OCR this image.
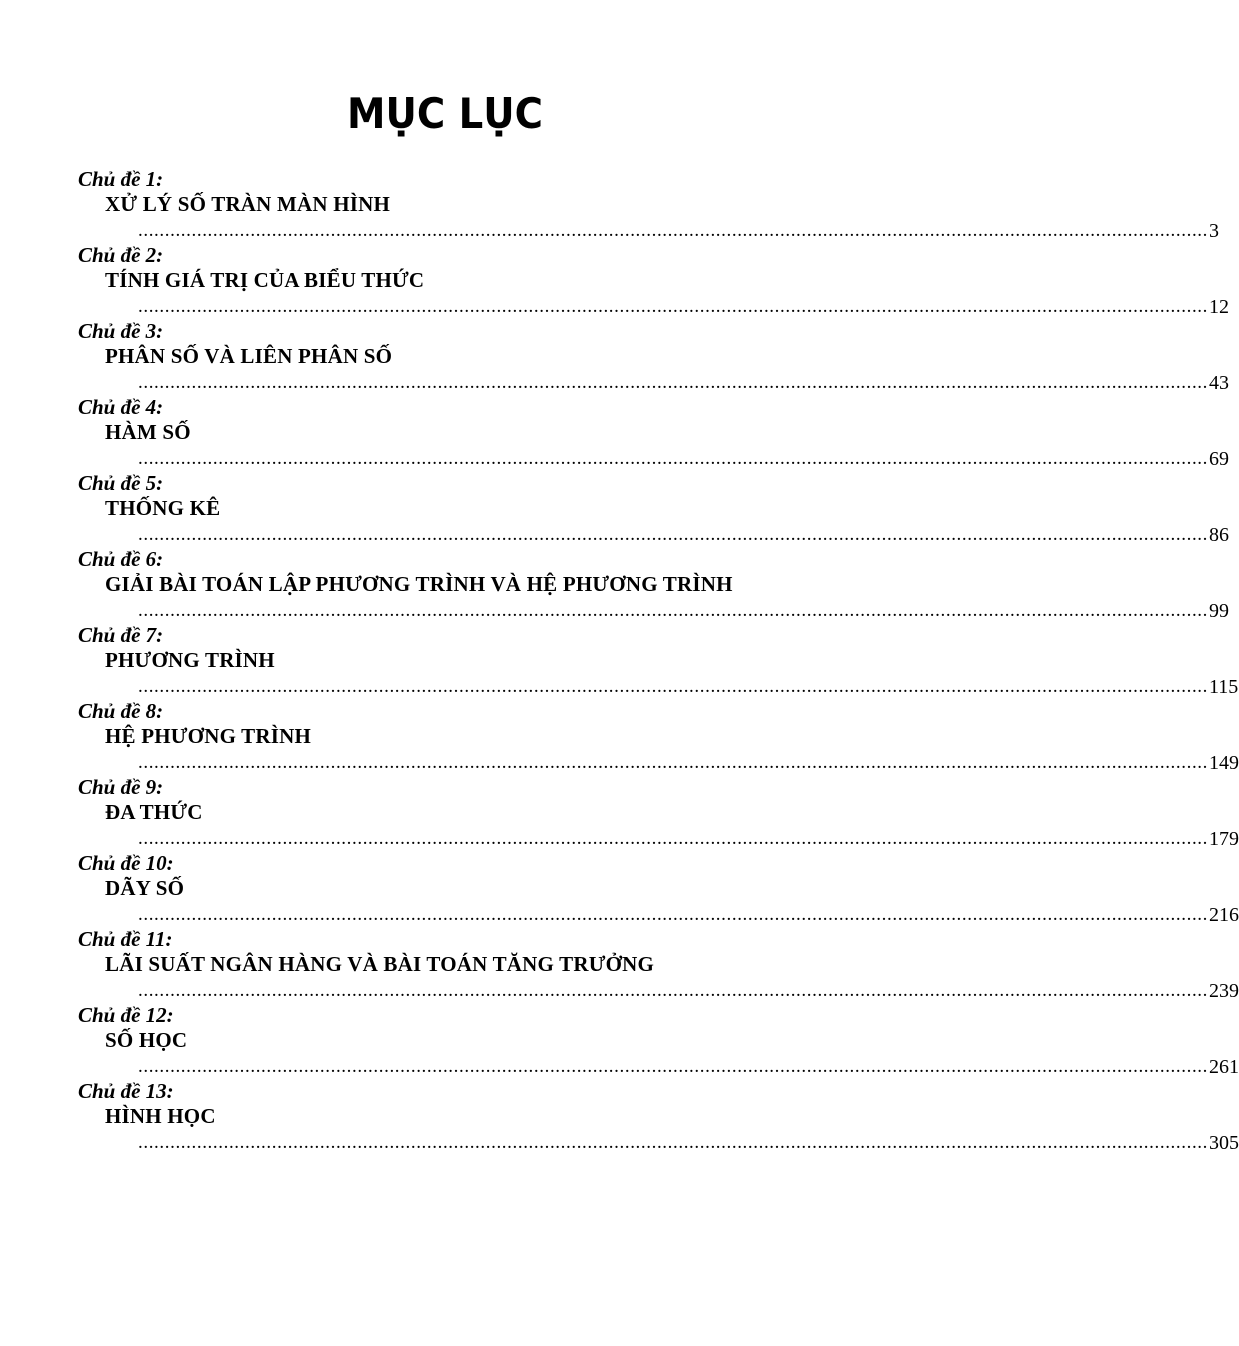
MỤC LỤC
Chủ đề 1:
XỬ LÝ SỐ TRÀN MÀN HÌNH
........................................................................................................................................................................................................ 3
Chủ đề 2:
TÍNH GIÁ TRỊ CỦA BIỂU THỨC
........................................................................................................................................................................................................ 12
Chủ đề 3:
PHÂN SỐ VÀ LIÊN PHÂN SỐ
........................................................................................................................................................................................................ 43
Chủ đề 4:
HÀM SỐ
........................................................................................................................................................................................................ 69
Chủ đề 5:
THỐNG KÊ
........................................................................................................................................................................................................ 86
Chủ đề 6:
GIẢI BÀI TOÁN LẬP PHƯƠNG TRÌNH VÀ HỆ PHƯƠNG TRÌNH
........................................................................................................................................................................................................ 99
Chủ đề 7:
PHƯƠNG TRÌNH
........................................................................................................................................................................................................ 115
Chủ đề 8:
HỆ PHƯƠNG TRÌNH
........................................................................................................................................................................................................ 149
Chủ đề 9:
ĐA THỨC
........................................................................................................................................................................................................ 179
Chủ đề 10:
DÃY SỐ
........................................................................................................................................................................................................ 216
Chủ đề 11:
LÃI SUẤT NGÂN HÀNG VÀ BÀI TOÁN TĂNG TRƯỞNG
........................................................................................................................................................................................................ 239
Chủ đề 12:
SỐ HỌC
........................................................................................................................................................................................................ 261
Chủ đề 13:
HÌNH HỌC
........................................................................................................................................................................................................ 305
